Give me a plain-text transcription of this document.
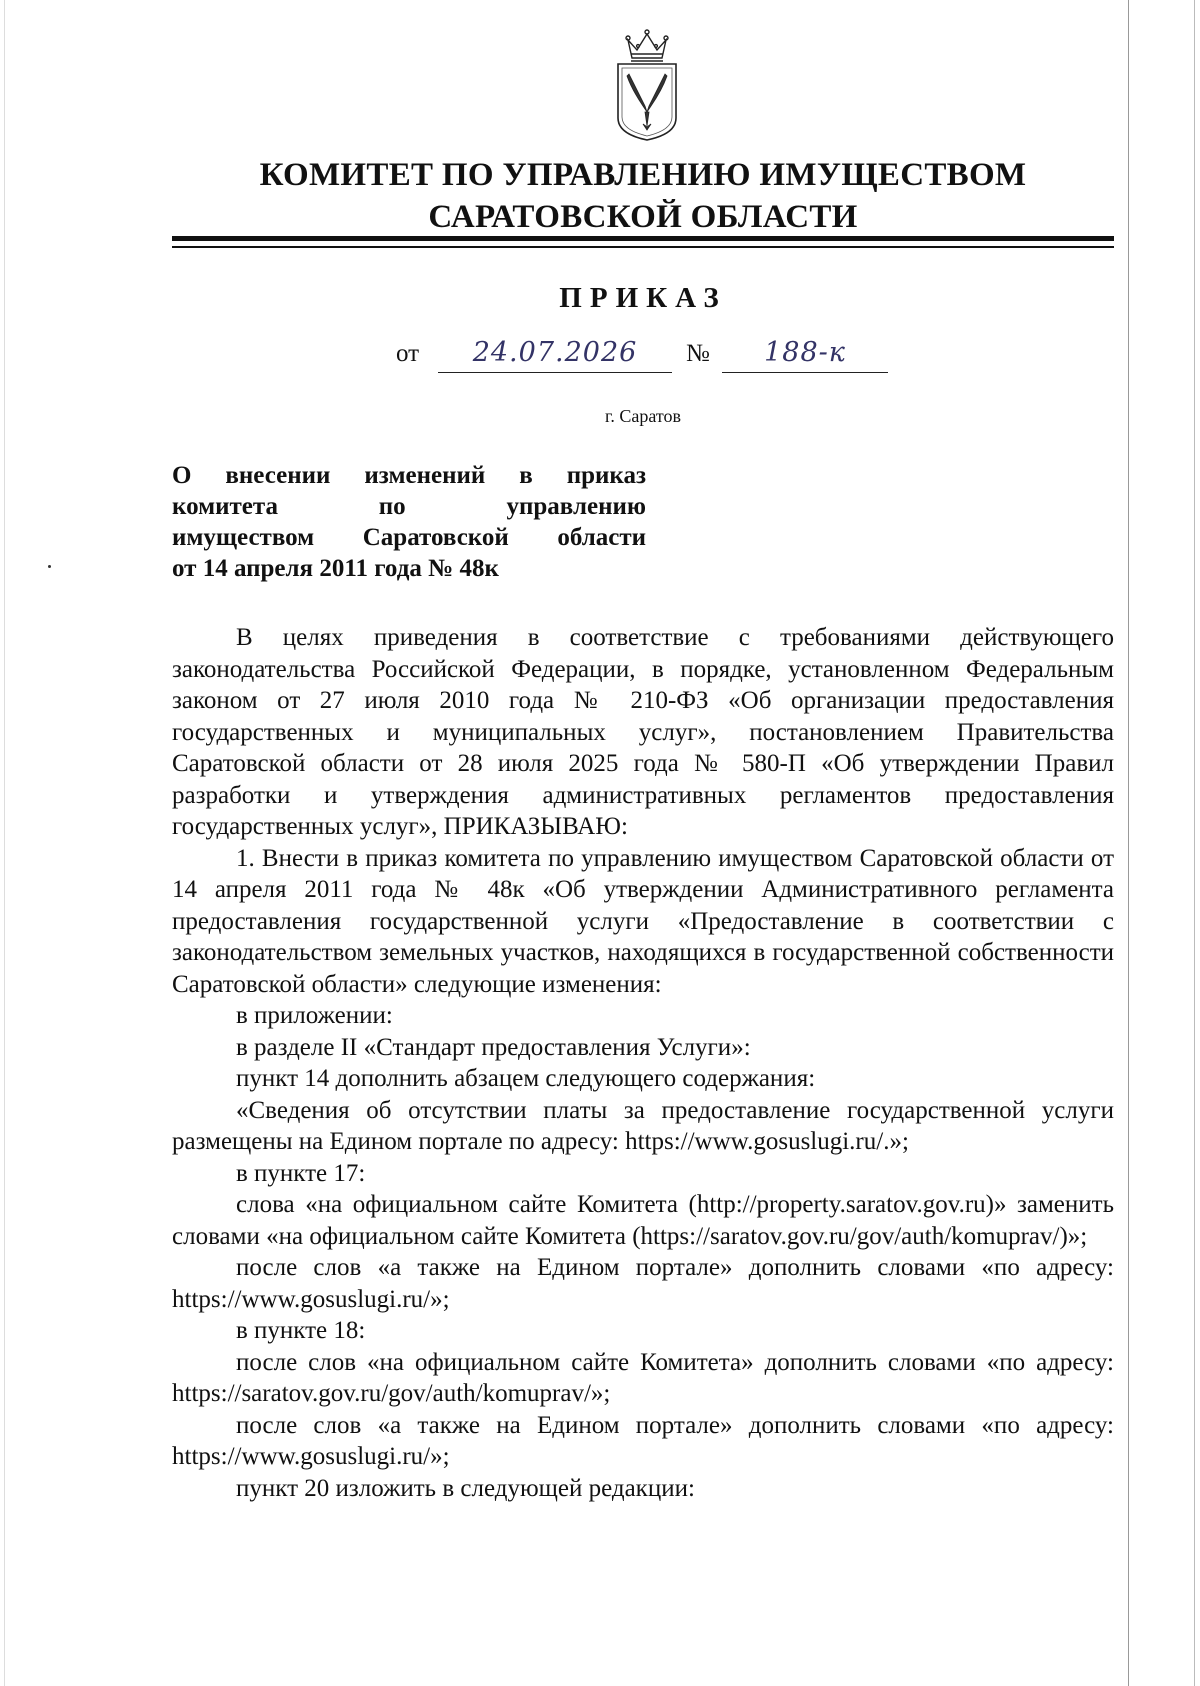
КОМИТЕТ ПО УПРАВЛЕНИЮ ИМУЩЕСТВОМ
САРАТОВСКОЙ ОБЛАСТИ
ПРИКАЗ
от	24.07.2026	№	188-к
г. Саратов
О внесении изменений в приказ
комитета по управлению
имуществом Саратовской области
от 14 апреля 2011 года № 48к

В целях приведения в соответствие с требованиями действующего законодательства Российской Федерации, в порядке, установленном Федеральным законом от 27 июля 2010 года № 210-ФЗ «Об организации предоставления государственных и муниципальных услуг», постановлением Правительства Саратовской области от 28 июля 2025 года № 580-П «Об утверждении Правил разработки и утверждения административных регламентов предоставления государственных услуг», ПРИКАЗЫВАЮ:

1. Внести в приказ комитета по управлению имуществом Саратовской области от 14 апреля 2011 года № 48к «Об утверждении Административного регламента предоставления государственной услуги «Предоставление в соответствии с законодательством земельных участков, находящихся в государственной собственности Саратовской области» следующие изменения:

в приложении:

в разделе II «Стандарт предоставления Услуги»:

пункт 14 дополнить абзацем следующего содержания:

«Сведения об отсутствии платы за предоставление государственной услуги размещены на Едином портале по адресу: https://www.gosuslugi.ru/.»;

в пункте 17:

слова «на официальном сайте Комитета (http://property.saratov.gov.ru)» заменить словами «на официальном сайте Комитета (https://saratov.gov.ru/gov/auth/komuprav/)»;

после слов «а также на Едином портале» дополнить словами «по адресу: https://www.gosuslugi.ru/»;

в пункте 18:

после слов «на официальном сайте Комитета» дополнить словами «по адресу: https://saratov.gov.ru/gov/auth/komuprav/»;

после слов «а также на Едином портале» дополнить словами «по адресу: https://www.gosuslugi.ru/»;

пункт 20 изложить в следующей редакции:
